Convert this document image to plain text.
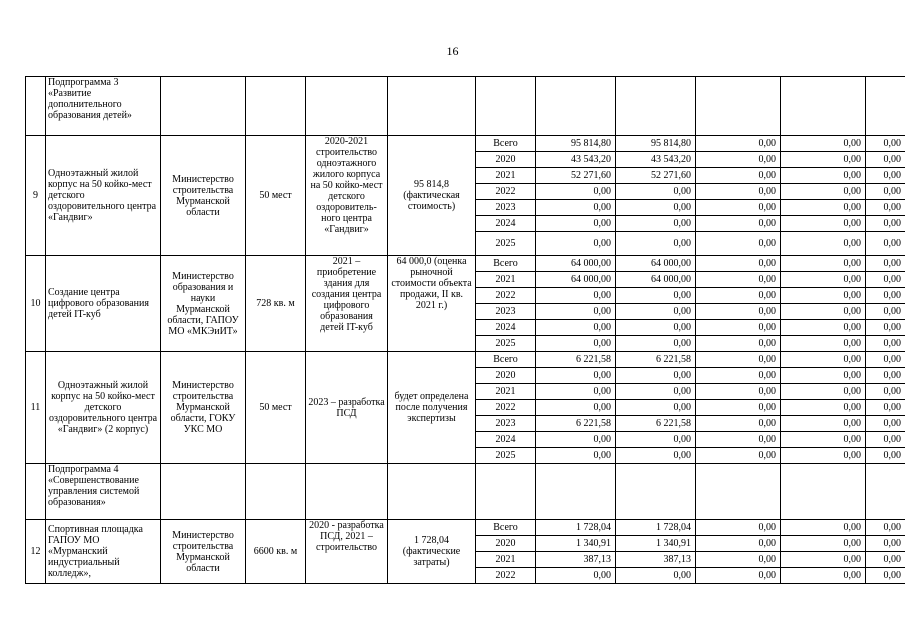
16
	Подпрограмма 3 «Развитие дополнительного образования детей»										
9	Одноэтажный жилой корпус на 50 койко-мест детского оздоровительного центра «Гандвиг»	Министерство строительства Мурманской области	50 мест	2020-2021 строительство одноэтажного жилого корпуса на 50 койко-мест детского оздоровитель-ного центра «Гандвиг»	95 814,8 (фактическая стоимость)	Всего	95 814,80	95 814,80	0,00	0,00	0,00
						2020	43 543,20	43 543,20	0,00	0,00	0,00
						2021	52 271,60	52 271,60	0,00	0,00	0,00
						2022	0,00	0,00	0,00	0,00	0,00
						2023	0,00	0,00	0,00	0,00	0,00
						2024	0,00	0,00	0,00	0,00	0,00
						2025	0,00	0,00	0,00	0,00	0,00
10	Создание центра цифрового образования детей IT-куб	Министерство образования и науки Мурманской области, ГАПОУ МО «МКЭиИТ»	728 кв. м	2021 – приобретение здания для создания центра цифрового образования детей IT-куб	64 000,0 (оценка рыночной стоимости объекта продажи, II кв. 2021 г.)	Всего	64 000,00	64 000,00	0,00	0,00	0,00
						2021	64 000,00	64 000,00	0,00	0,00	0,00
						2022	0,00	0,00	0,00	0,00	0,00
						2023	0,00	0,00	0,00	0,00	0,00
						2024	0,00	0,00	0,00	0,00	0,00
						2025	0,00	0,00	0,00	0,00	0,00
11	Одноэтажный жилой корпус на 50 койко-мест детского оздоровительного центра «Гандвиг» (2 корпус)	Министерство строительства Мурманской области, ГОКУ УКС МО	50 мест	2023 – разработка ПСД	будет определена после получения экспертизы	Всего	6 221,58	6 221,58	0,00	0,00	0,00
						2020	0,00	0,00	0,00	0,00	0,00
						2021	0,00	0,00	0,00	0,00	0,00
						2022	0,00	0,00	0,00	0,00	0,00
						2023	6 221,58	6 221,58	0,00	0,00	0,00
						2024	0,00	0,00	0,00	0,00	0,00
						2025	0,00	0,00	0,00	0,00	0,00
	Подпрограмма 4 «Совершенствование управления системой образования»										
12	Спортивная площадка ГАПОУ МО «Мурманский индустриальный колледж»,	Министерство строительства Мурманской области	6600 кв. м	2020 - разработка ПСД, 2021 – строительство	1 728,04 (фактические затраты)	Всего	1 728,04	1 728,04	0,00	0,00	0,00
						2020	1 340,91	1 340,91	0,00	0,00	0,00
						2021	387,13	387,13	0,00	0,00	0,00
						2022	0,00	0,00	0,00	0,00	0,00
